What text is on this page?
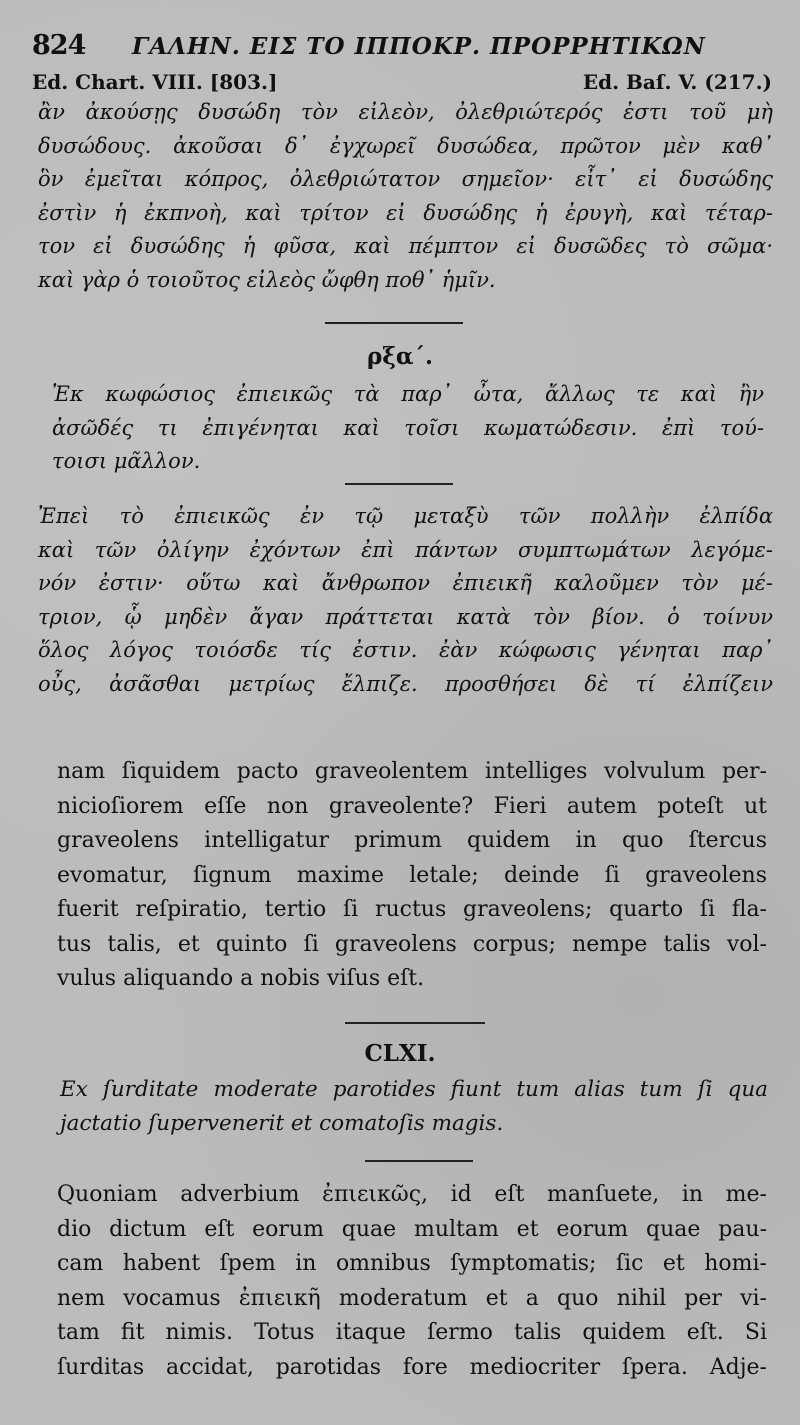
824 ΓΑΛΗΝ. ΕΙΣ ΤΟ ΙΠΠΟΚΡ. ΠΡΟΡΡΗΤΙΚΩΝ
Ed. Chart. VIII. [803.]	Ed. Baſ. V. (217.)
ἂν ἀκούσῃς δυσώδη τὸν εἰλεὸν, ὀλεθριώτερός ἐστι τοῦ μὴ
δυσώδους. ἀκοῦσαι δ᾽ ἐγχωρεῖ δυσώδεα, πρῶτον μὲν καθ᾽
ὃν ἐμεῖται κόπρος, ὀλεθριώτατον σημεῖον· εἶτ᾽ εἰ δυσώδης
ἐστὶν ἡ ἐκπνοὴ, καὶ τρίτον εἰ δυσώδης ἡ ἐρυγὴ, καὶ τέταρ-
τον εἰ δυσώδης ἡ φῦσα, καὶ πέμπτον εἰ δυσῶδες τὸ σῶμα·
καὶ γὰρ ὁ τοιοῦτος εἰλεὸς ὤφθη ποθ᾽ ἡμῖν.
ρξα΄.
Ἐκ κωφώσιος ἐπιεικῶς τὰ παρ᾽ ὦτα, ἄλλως τε καὶ ἢν
ἀσῶδές τι ἐπιγένηται καὶ τοῖσι κωματώδεσιν. ἐπὶ τού-
τοισι μᾶλλον.
Ἐπεὶ τὸ ἐπιεικῶς ἐν τῷ μεταξὺ τῶν πολλὴν ἐλπίδα
καὶ τῶν ὀλίγην ἐχόντων ἐπὶ πάντων συμπτωμάτων λεγόμε-
νόν ἐστιν· οὕτω καὶ ἄνθρωπον ἐπιεικῆ καλοῦμεν τὸν μέ-
τριον, ᾧ μηδὲν ἄγαν πράττεται κατὰ τὸν βίον. ὁ τοίνυν
ὅλος λόγος τοιόσδε τίς ἐστιν. ἐὰν κώφωσις γένηται παρ᾽
οὖς, ἀσᾶσθαι μετρίως ἔλπιζε. προσθήσει δὲ τί ἐλπίζειν
nam ſiquidem pacto graveolentem intelliges volvulum per-
nicioſiorem eſſe non graveolente? Fieri autem poteſt ut
graveolens intelligatur primum quidem in quo ſtercus
evomatur, ſignum maxime letale; deinde ſi graveolens
fuerit reſpiratio, tertio ſi ructus graveolens; quarto ſi fla-
tus talis, et quinto ſi graveolens corpus; nempe talis vol-
vulus aliquando a nobis viſus eſt.
CLXI.
Ex ſurditate moderate parotides fiunt tum alias tum ſi qua
jactatio ſupervenerit et comatoſis magis.
Quoniam adverbium ἐπιεικῶς, id eſt manſuete, in me-
dio dictum eſt eorum quae multam et eorum quae pau-
cam habent ſpem in omnibus ſymptomatis; ſic et homi-
nem vocamus ἐπιεικῆ moderatum et a quo nihil per vi-
tam fit nimis. Totus itaque ſermo talis quidem eſt. Si
ſurditas accidat, parotidas fore mediocriter ſpera. Adje-
